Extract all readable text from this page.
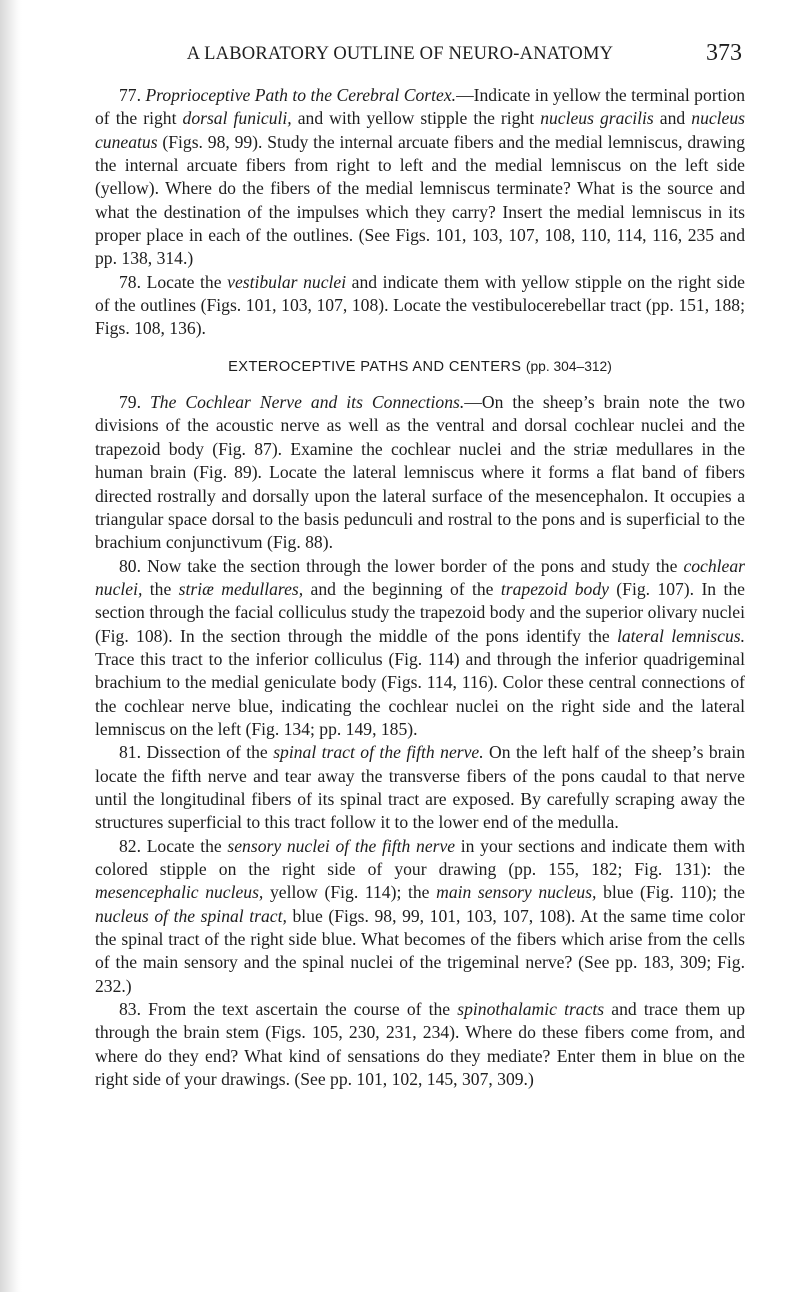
A LABORATORY OUTLINE OF NEURO-ANATOMY	373

77. Proprioceptive Path to the Cerebral Cortex.—Indicate in yellow the terminal portion of the right dorsal funiculi, and with yellow stipple the right nucleus gracilis and nucleus cuneatus (Figs. 98, 99). Study the internal arcuate fibers and the medial lemniscus, drawing the internal arcuate fibers from right to left and the medial lemniscus on the left side (yellow). Where do the fibers of the medial lemniscus terminate? What is the source and what the destination of the impulses which they carry? Insert the medial lemniscus in its proper place in each of the outlines. (See Figs. 101, 103, 107, 108, 110, 114, 116, 235 and pp. 138, 314.)

78. Locate the vestibular nuclei and indicate them with yellow stipple on the right side of the outlines (Figs. 101, 103, 107, 108). Locate the vestibulocerebellar tract (pp. 151, 188; Figs. 108, 136).

EXTEROCEPTIVE PATHS AND CENTERS (pp. 304–312)

79. The Cochlear Nerve and its Connections.—On the sheep’s brain note the two divisions of the acoustic nerve as well as the ventral and dorsal cochlear nuclei and the trapezoid body (Fig. 87). Examine the cochlear nuclei and the striæ medullares in the human brain (Fig. 89). Locate the lateral lemniscus where it forms a flat band of fibers directed rostrally and dorsally upon the lateral surface of the mesencephalon. It occupies a triangular space dorsal to the basis pedunculi and rostral to the pons and is superficial to the brachium conjunctivum (Fig. 88).

80. Now take the section through the lower border of the pons and study the cochlear nuclei, the striæ medullares, and the beginning of the trapezoid body (Fig. 107). In the section through the facial colliculus study the trapezoid body and the superior olivary nuclei (Fig. 108). In the section through the middle of the pons identify the lateral lemniscus. Trace this tract to the inferior colliculus (Fig. 114) and through the inferior quadrigeminal brachium to the medial geniculate body (Figs. 114, 116). Color these central connections of the cochlear nerve blue, indicating the cochlear nuclei on the right side and the lateral lemniscus on the left (Fig. 134; pp. 149, 185).

81. Dissection of the spinal tract of the fifth nerve. On the left half of the sheep’s brain locate the fifth nerve and tear away the transverse fibers of the pons caudal to that nerve until the longitudinal fibers of its spinal tract are exposed. By carefully scraping away the structures superficial to this tract follow it to the lower end of the medulla.

82. Locate the sensory nuclei of the fifth nerve in your sections and indicate them with colored stipple on the right side of your drawing (pp. 155, 182; Fig. 131): the mesencephalic nucleus, yellow (Fig. 114); the main sensory nucleus, blue (Fig. 110); the nucleus of the spinal tract, blue (Figs. 98, 99, 101, 103, 107, 108). At the same time color the spinal tract of the right side blue. What becomes of the fibers which arise from the cells of the main sensory and the spinal nuclei of the trigeminal nerve? (See pp. 183, 309; Fig. 232.)

83. From the text ascertain the course of the spinothalamic tracts and trace them up through the brain stem (Figs. 105, 230, 231, 234). Where do these fibers come from, and where do they end? What kind of sensations do they mediate? Enter them in blue on the right side of your drawings. (See pp. 101, 102, 145, 307, 309.)
